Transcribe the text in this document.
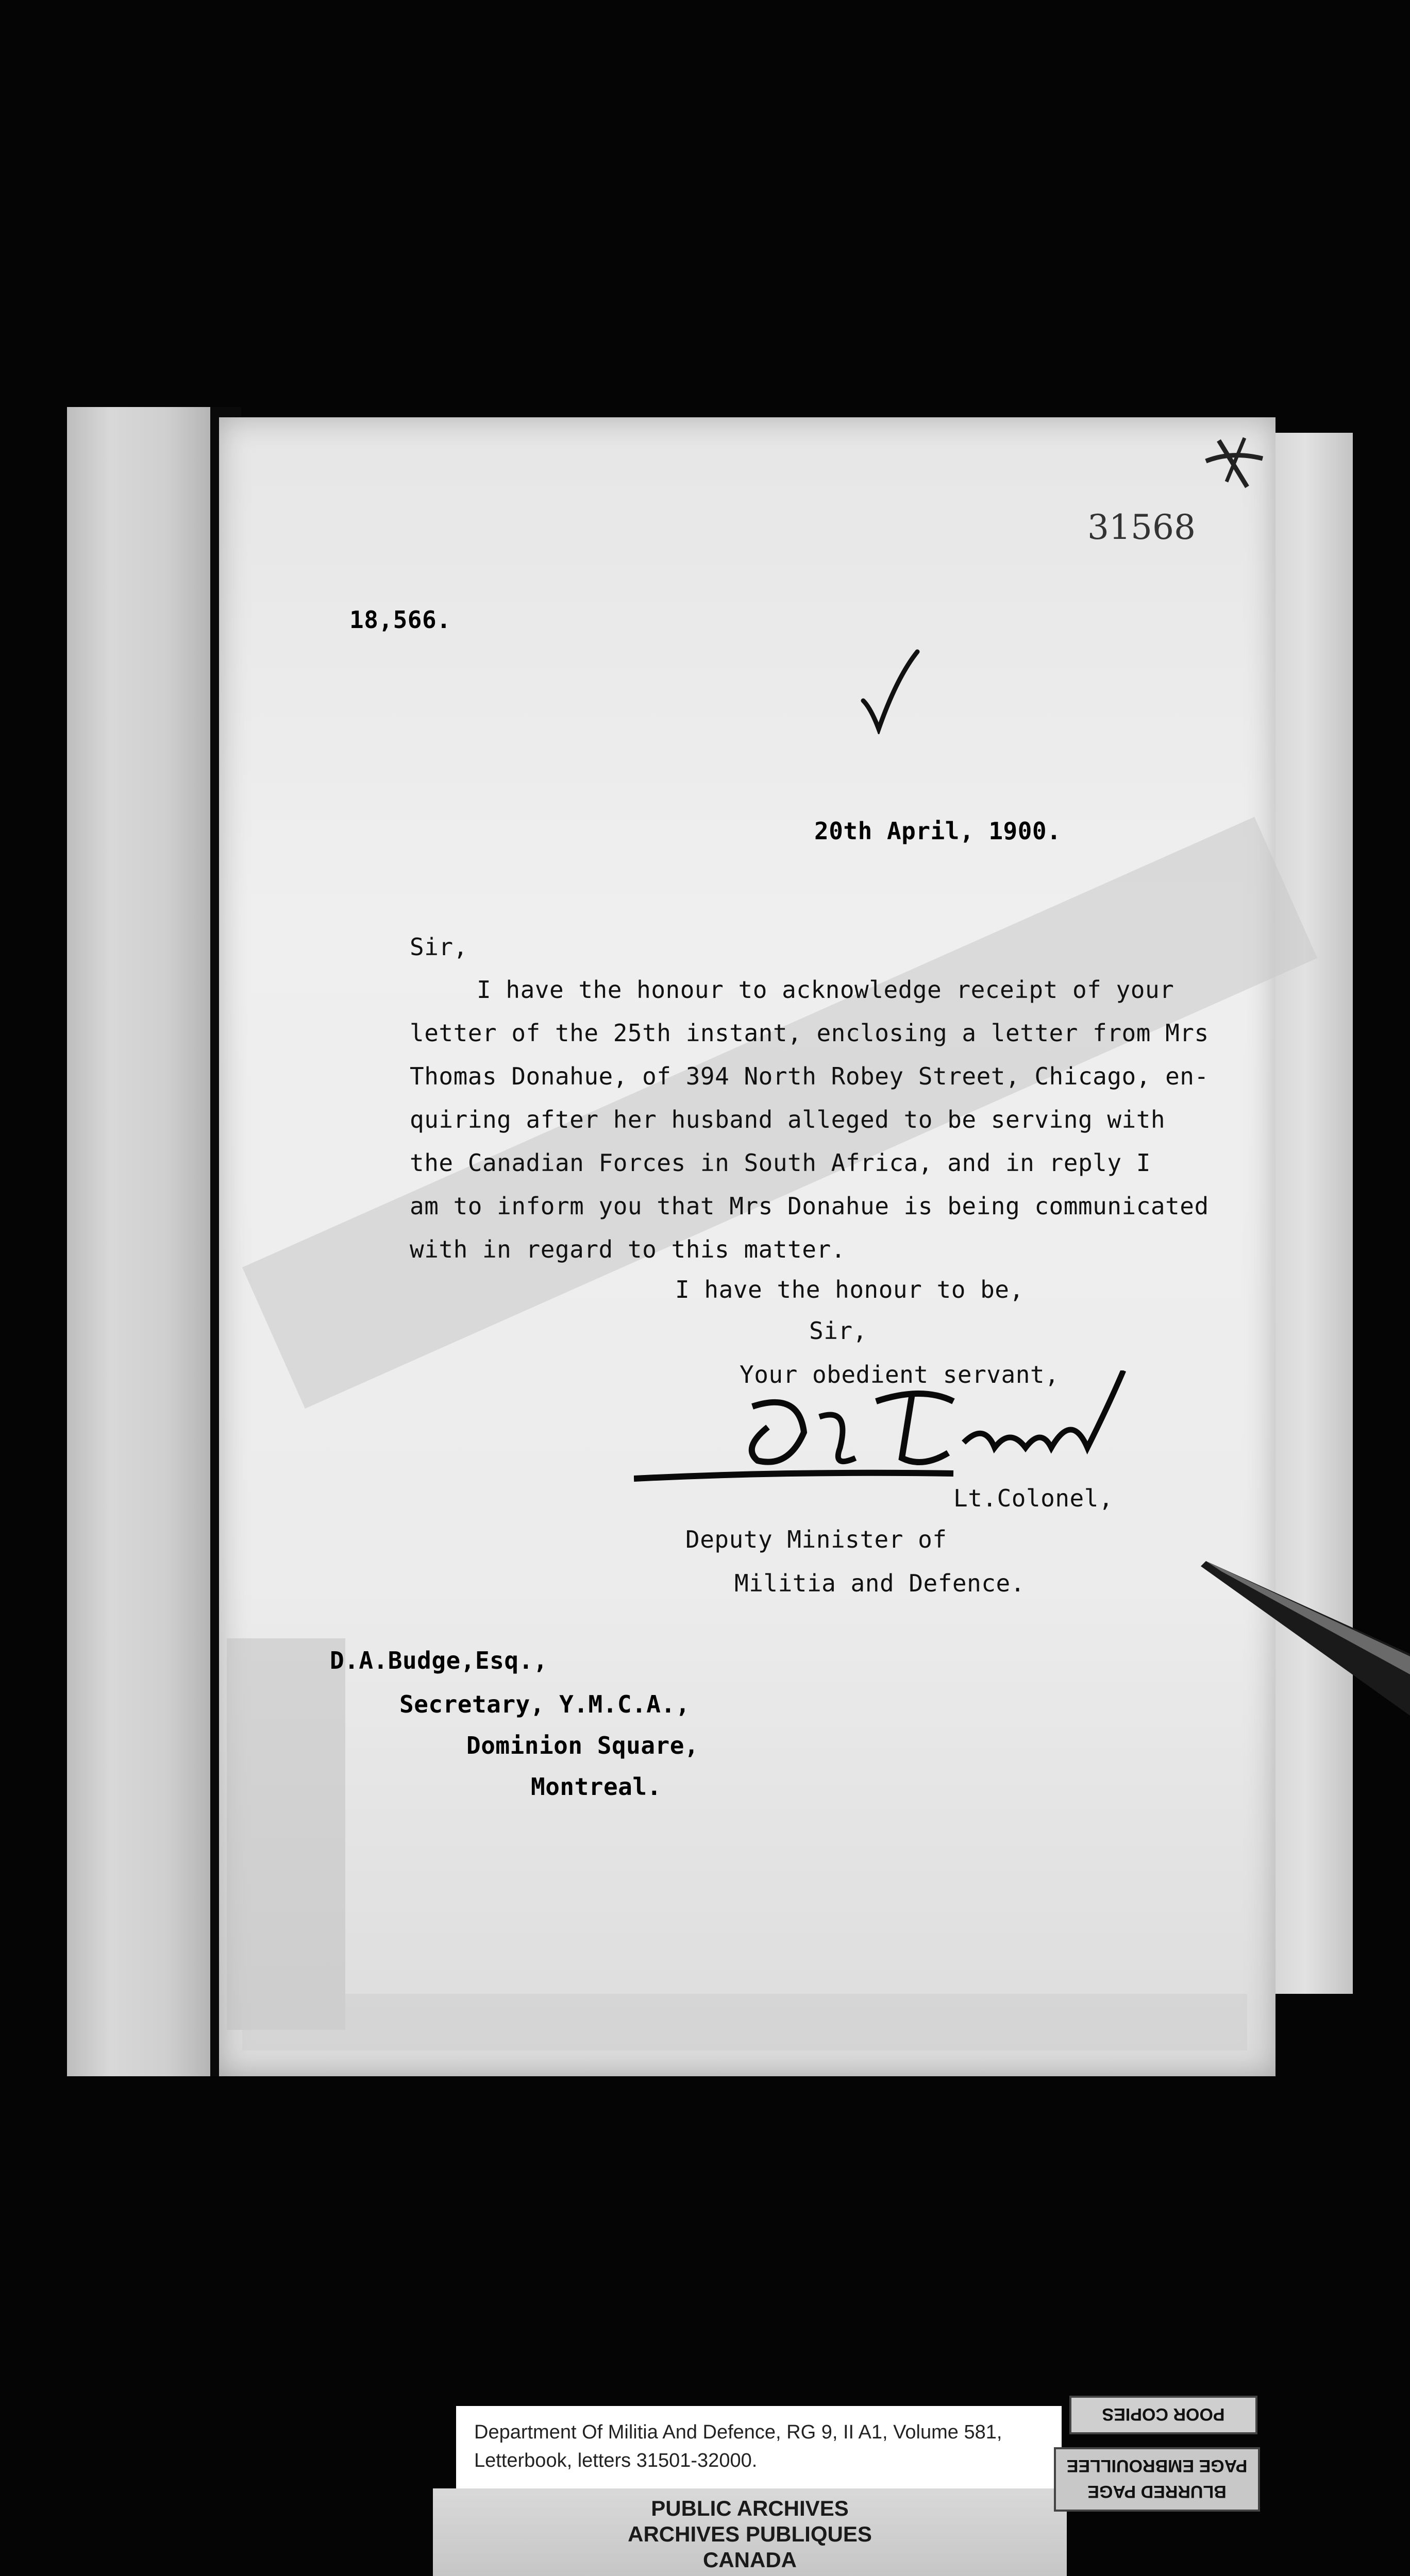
31568
18,566.
20th April, 1900.
Sir,
I have the honour to acknowledge receipt of your
letter of the 25th instant, enclosing a letter from Mrs
Thomas Donahue, of 394 North Robey Street, Chicago, en-
quiring after her husband alleged to be serving with
the Canadian Forces in South Africa, and in reply I
am to inform you that Mrs Donahue is being communicated
with in regard to this matter.
I have the honour to be,
Sir,
Your obedient servant,
Lt.Colonel,
Deputy Minister of
Militia and Defence.
D.A.Budge,Esq.,
Secretary, Y.M.C.A.,
Dominion Square,
Montreal.
Department Of Militia And Defence, RG 9, II A1, Volume 581,
Letterbook, letters 31501-32000.
PUBLIC ARCHIVES
ARCHIVES PUBLIQUES
CANADA
POOR COPIES
BLURRED PAGE
PAGE EMBROUILLEE
